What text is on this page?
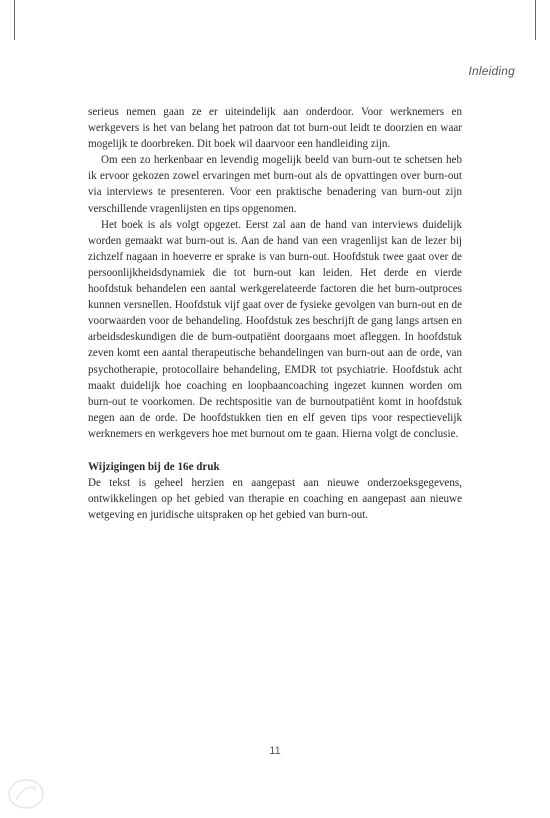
Inleiding

serieus nemen gaan ze er uiteindelijk aan onderdoor. Voor werknemers en werkgevers is het van belang het patroon dat tot burn-out leidt te doorzien en waar mogelijk te doorbreken. Dit boek wil daarvoor een handleiding zijn.

Om een zo herkenbaar en levendig mogelijk beeld van burn-out te schetsen heb ik ervoor gekozen zowel ervaringen met burn-out als de opvattingen over burn-out via interviews te presenteren. Voor een praktische benadering van burn-out zijn verschillende vragenlijsten en tips opgenomen.

Het boek is als volgt opgezet. Eerst zal aan de hand van interviews duidelijk worden gemaakt wat burn-out is. Aan de hand van een vragenlijst kan de lezer bij zichzelf nagaan in hoeverre er sprake is van burn-out. Hoofdstuk twee gaat over de persoonlijkheidsdynamiek die tot burn-out kan leiden. Het derde en vierde hoofdstuk behandelen een aantal werkgerelateerde factoren die het burn-outproces kunnen versnellen. Hoofdstuk vijf gaat over de fysieke gevolgen van burn-out en de voorwaarden voor de behandeling. Hoofdstuk zes beschrijft de gang langs artsen en arbeidsdeskundigen die de burn-outpatiënt doorgaans moet afleggen. In hoofdstuk zeven komt een aantal therapeutische behandelingen van burn-out aan de orde, van psychotherapie, protocollaire behandeling, EMDR tot psychiatrie. Hoofdstuk acht maakt duidelijk hoe coaching en loopbaancoaching ingezet kunnen worden om burn-out te voorkomen. De rechtspositie van de burnoutpatiënt komt in hoofdstuk negen aan de orde. De hoofdstukken tien en elf geven tips voor respectievelijk werknemers en werkgevers hoe met burnout om te gaan. Hierna volgt de conclusie.

Wijzigingen bij de 16e druk

De tekst is geheel herzien en aangepast aan nieuwe onderzoeksgegevens, ontwikkelingen op het gebied van therapie en coaching en aangepast aan nieuwe wetgeving en juridische uitspraken op het gebied van burn-out.

11
